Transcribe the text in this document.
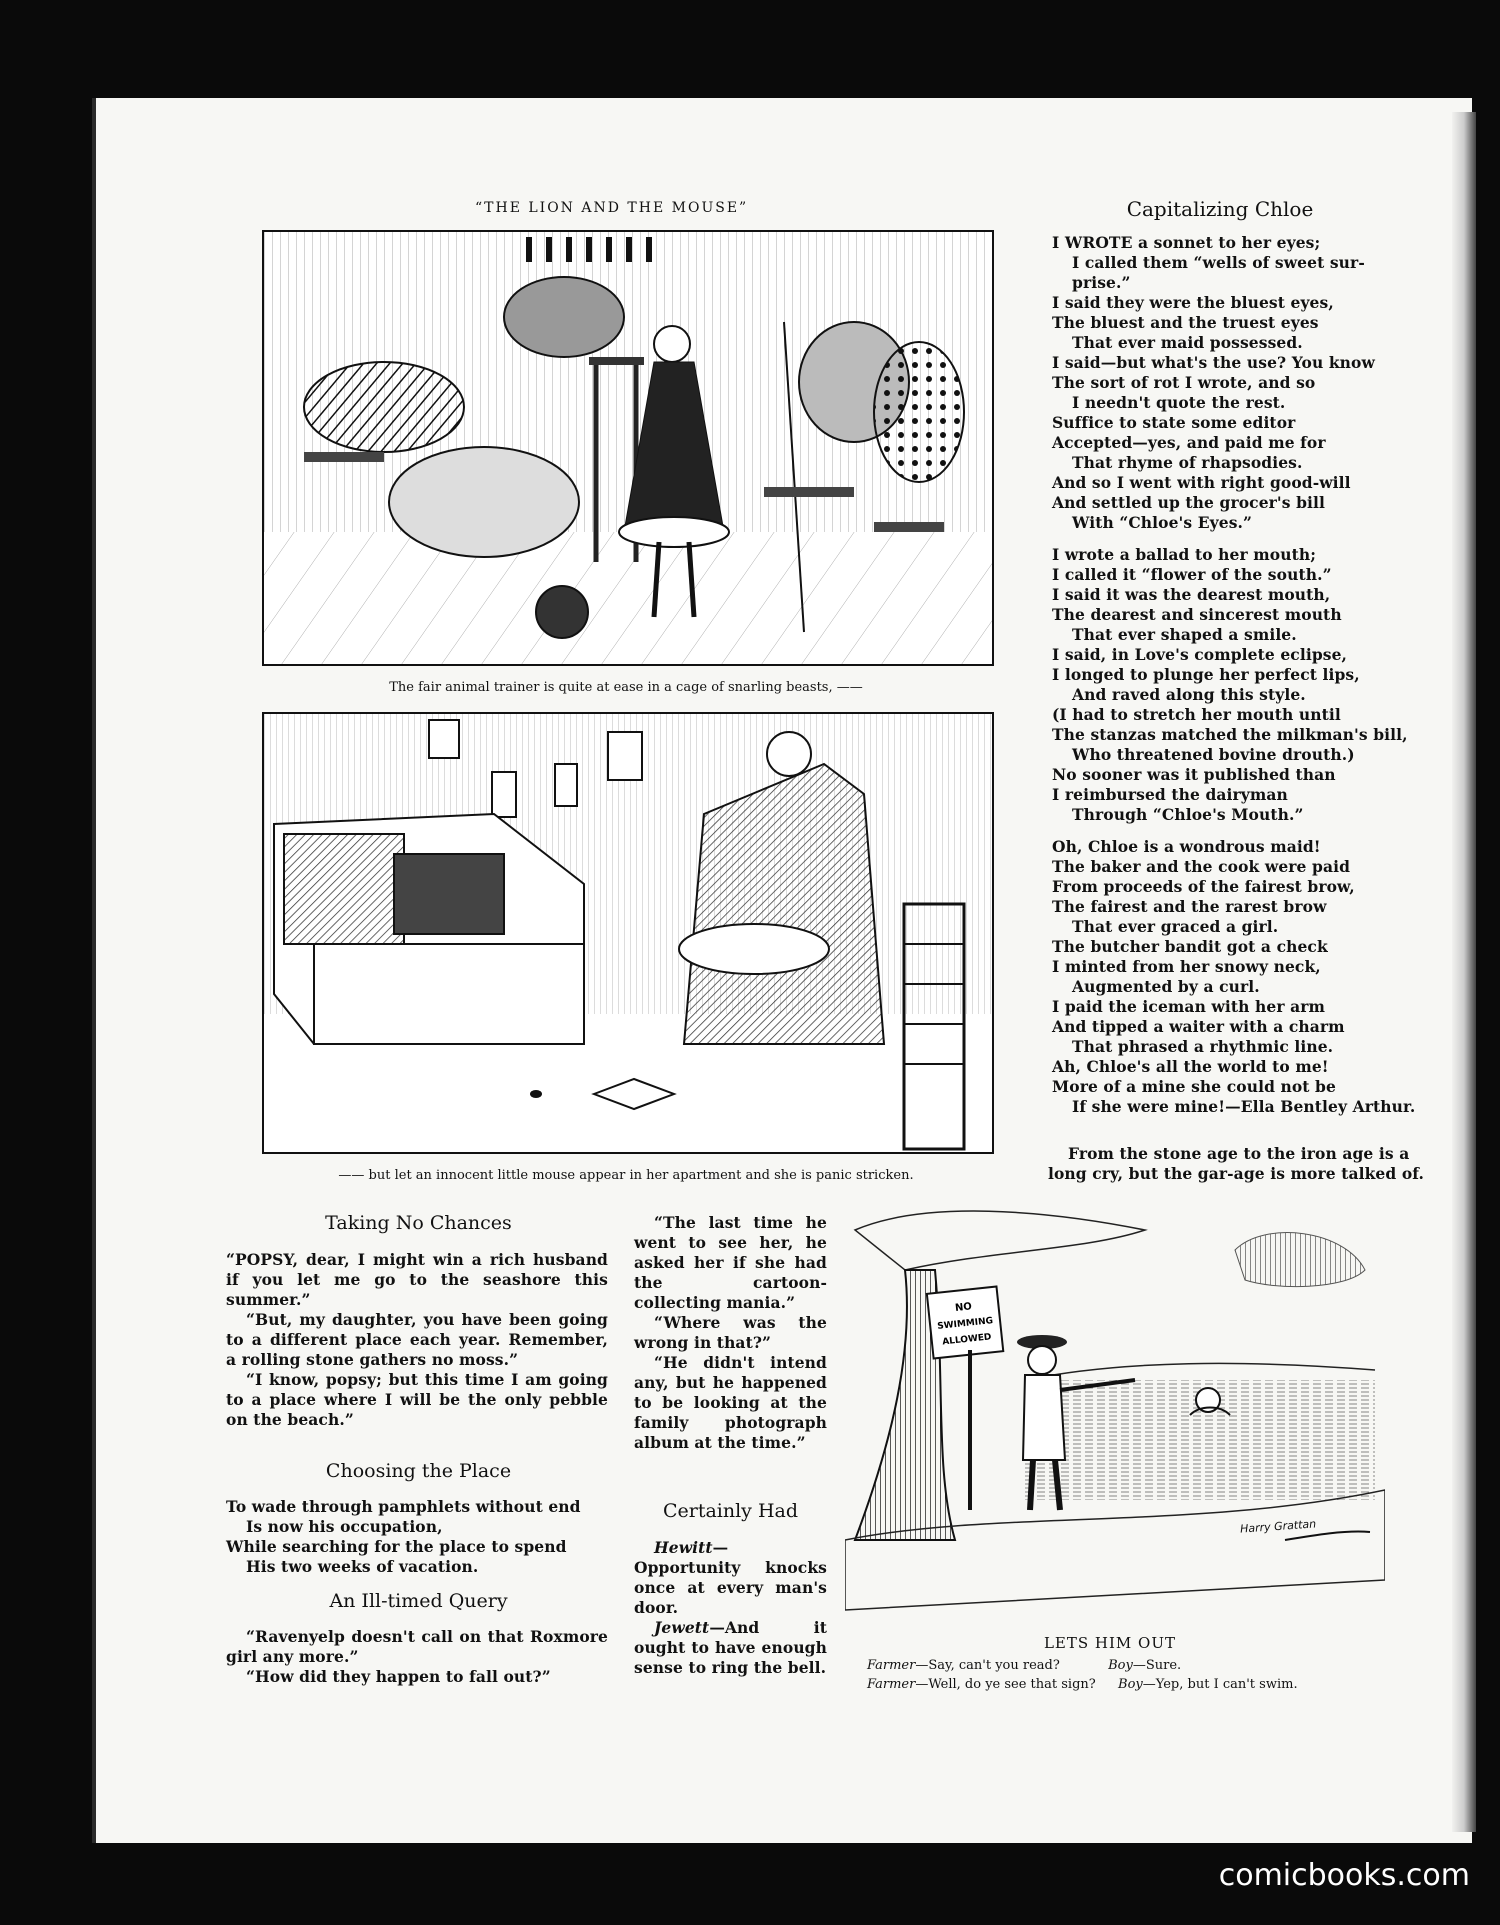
“THE LION AND THE MOUSE”
The fair animal trainer is quite at ease in a cage of snarling beasts, ——
—— but let an innocent little mouse appear in her apartment and she is panic stricken.
Capitalizing Chloe
I WROTE a sonnet to her eyes;
I called them “wells of sweet sur-
prise.”
I said they were the bluest eyes,
The bluest and the truest eyes
That ever maid possessed.
I said—but what's the use? You know
The sort of rot I wrote, and so
I needn't quote the rest.
Suffice to state some editor
Accepted—yes, and paid me for
That rhyme of rhapsodies.
And so I went with right good-will
And settled up the grocer's bill
With “Chloe's Eyes.”
I wrote a ballad to her mouth;
I called it “flower of the south.”
I said it was the dearest mouth,
The dearest and sincerest mouth
That ever shaped a smile.
I said, in Love's complete eclipse,
I longed to plunge her perfect lips,
And raved along this style.
(I had to stretch her mouth until
The stanzas matched the milkman's bill,
Who threatened bovine drouth.)
No sooner was it published than
I reimbursed the dairyman
Through “Chloe's Mouth.”
Oh, Chloe is a wondrous maid!
The baker and the cook were paid
From proceeds of the fairest brow,
The fairest and the rarest brow
That ever graced a girl.
The butcher bandit got a check
I minted from her snowy neck,
Augmented by a curl.
I paid the iceman with her arm
And tipped a waiter with a charm
That phrased a rhythmic line.
Ah, Chloe's all the world to me!
More of a mine she could not be
If she were mine!—Ella Bentley Arthur.

From the stone age to the iron age is a long cry, but the gar-age is more talked of.

Taking No Chances

“POPSY, dear, I might win a rich husband if you let me go to the seashore this summer.”

“But, my daughter, you have been going to a different place each year. Remember, a rolling stone gathers no moss.”

“I know, popsy; but this time I am going to a place where I will be the only pebble on the beach.”

Choosing the Place
To wade through pamphlets without end
Is now his occupation,
While searching for the place to spend
His two weeks of vacation.
An Ill-timed Query

“Ravenyelp doesn't call on that Roxmore girl any more.”

“How did they happen to fall out?”

“The last time he went to see her, he asked her if she had the cartoon-collecting mania.”

“Where was the wrong in that?”

“He didn't intend any, but he happened to be looking at the family photograph album at the time.”

Certainly Had

Hewitt— Opportunity knocks once at every man's door.

Jewett—And it ought to have enough sense to ring the bell.

NO
SWIMMING
ALLOWED
Harry Grattan
LETS HIM OUT
Farmer—Say, can't you read?	Boy—Sure.
Farmer—Well, do ye see that sign? Boy—Yep, but I can't swim.
comicbooks.com
